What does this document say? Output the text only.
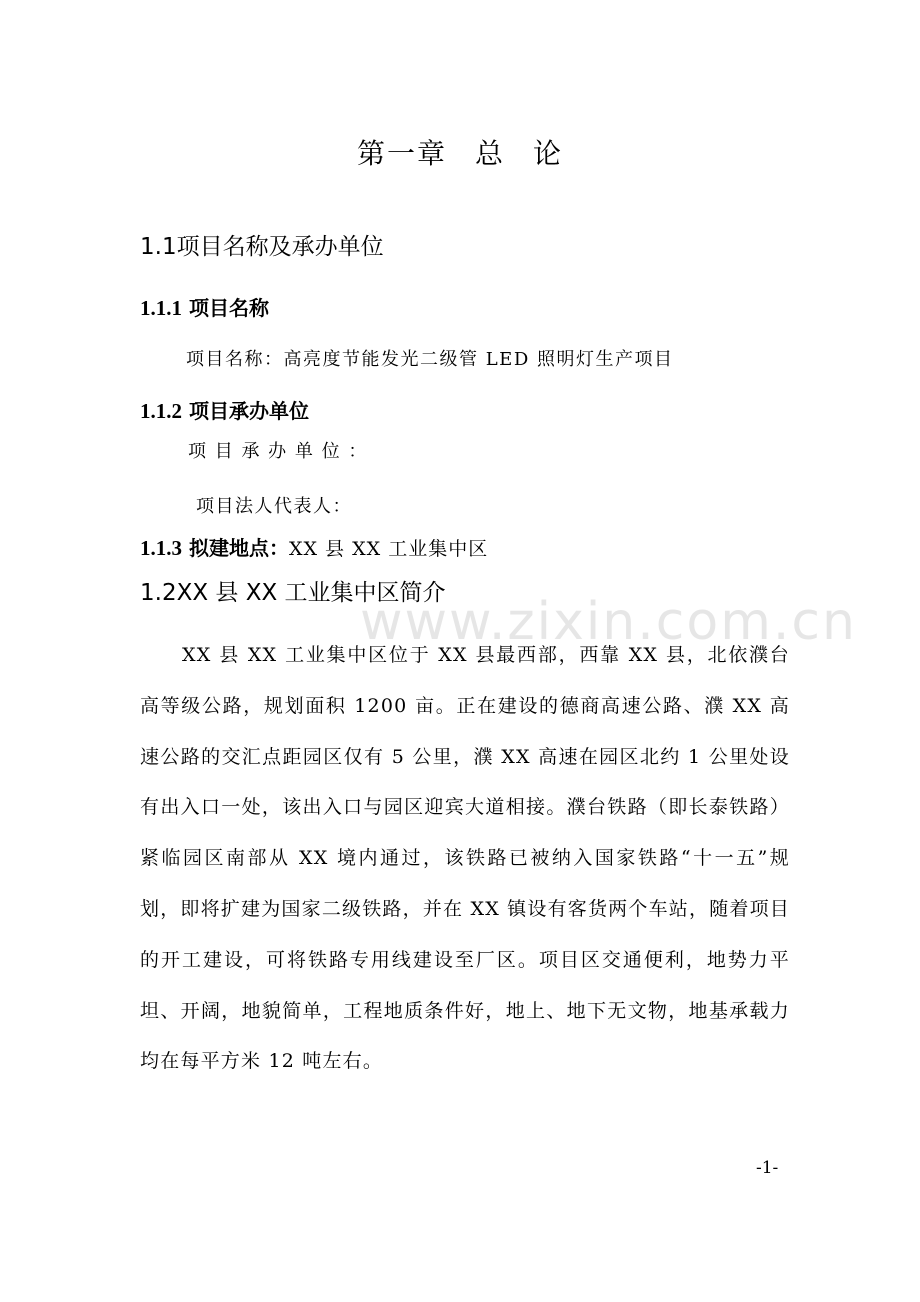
www.zixin.com.cn
第一章 总 论
1.1项目名称及承办单位
1.1.1 项目名称
项目名称：高亮度节能发光二级管 LED 照明灯生产项目
1.1.2 项目承办单位
项 目 承 办 单 位 ：
项目法人代表人：
1.1.3 拟建地点：XX 县 XX 工业集中区
1.2XX 县 XX 工业集中区简介
XX 县 XX 工业集中区位于 XX 县最西部，西靠 XX 县，北依濮台高等级公路，规划面积 1200 亩。正在建设的德商高速公路、濮 XX 高速公路的交汇点距园区仅有 5 公里，濮 XX 高速在园区北约 1 公里处设有出入口一处，该出入口与园区迎宾大道相接。濮台铁路（即长泰铁路）紧临园区南部从 XX 境内通过，该铁路已被纳入国家铁路“十一五”规划，即将扩建为国家二级铁路，并在 XX 镇设有客货两个车站，随着项目的开工建设，可将铁路专用线建设至厂区。项目区交通便利，地势力平坦、开阔，地貌简单，工程地质条件好，地上、地下无文物，地基承载力均在每平方米 12 吨左右。
-1-
